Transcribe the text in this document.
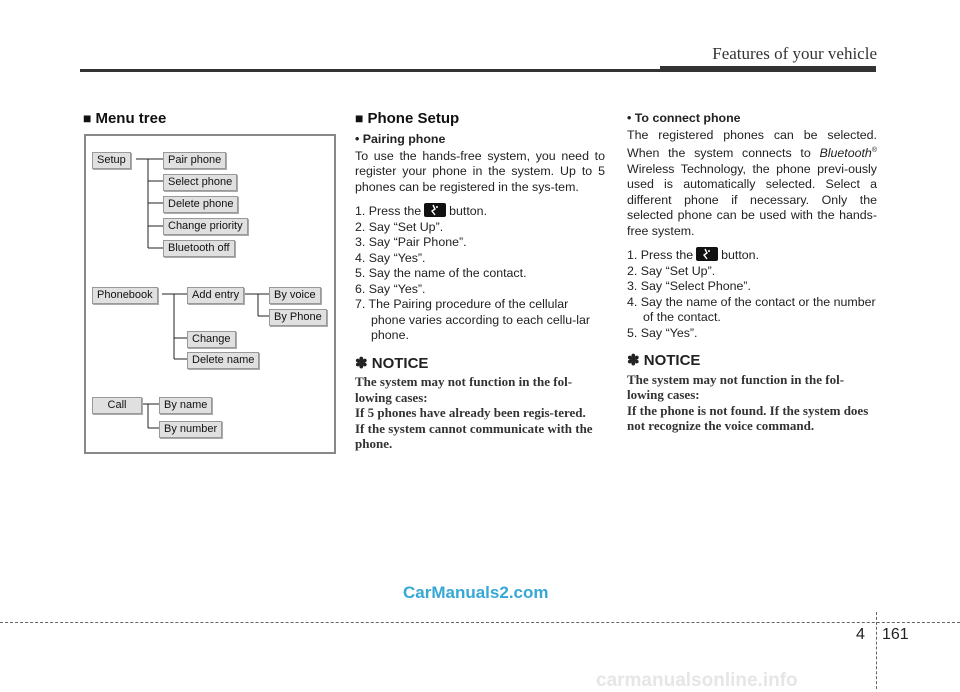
Features of your vehicle
■ Menu tree
Setup	Pair phone
Select phone
Delete phone
Change priority
Bluetooth off
Phonebook	Add entry	By voice
By Phone
Change
Delete name
Call	By name
By number
■ Phone Setup

• Pairing phone

To use the hands-free system, you need to register your phone in the system. Up to 5 phones can be registered in the sys-tem.

1. Press the button.
2. Say “Set Up”.
3. Say “Pair Phone”.
4. Say “Yes”.
5. Say the name of the contact.
6. Say “Yes”.
7. The Pairing procedure of the cellular phone varies according to each cellu-lar phone.

✽ NOTICE

The system may not function in the fol-lowing cases:

If 5 phones have already been regis-tered.

If the system cannot communicate with the phone.

• To connect phone

The registered phones can be selected. When the system connects to Bluetooth® Wireless Technology, the phone previ-ously used is automatically selected. Select a different phone if necessary. Only the selected phone can be used with the hands-free system.

1. Press the button.
2. Say “Set Up”.
3. Say “Select Phone”.
4. Say the name of the contact or the number of the contact.
5. Say “Yes”.

✽ NOTICE

The system may not function in the fol-lowing cases:

If the phone is not found. If the system does not recognize the voice command.

CarManuals2.com
4 161
carmanualsonline.info
